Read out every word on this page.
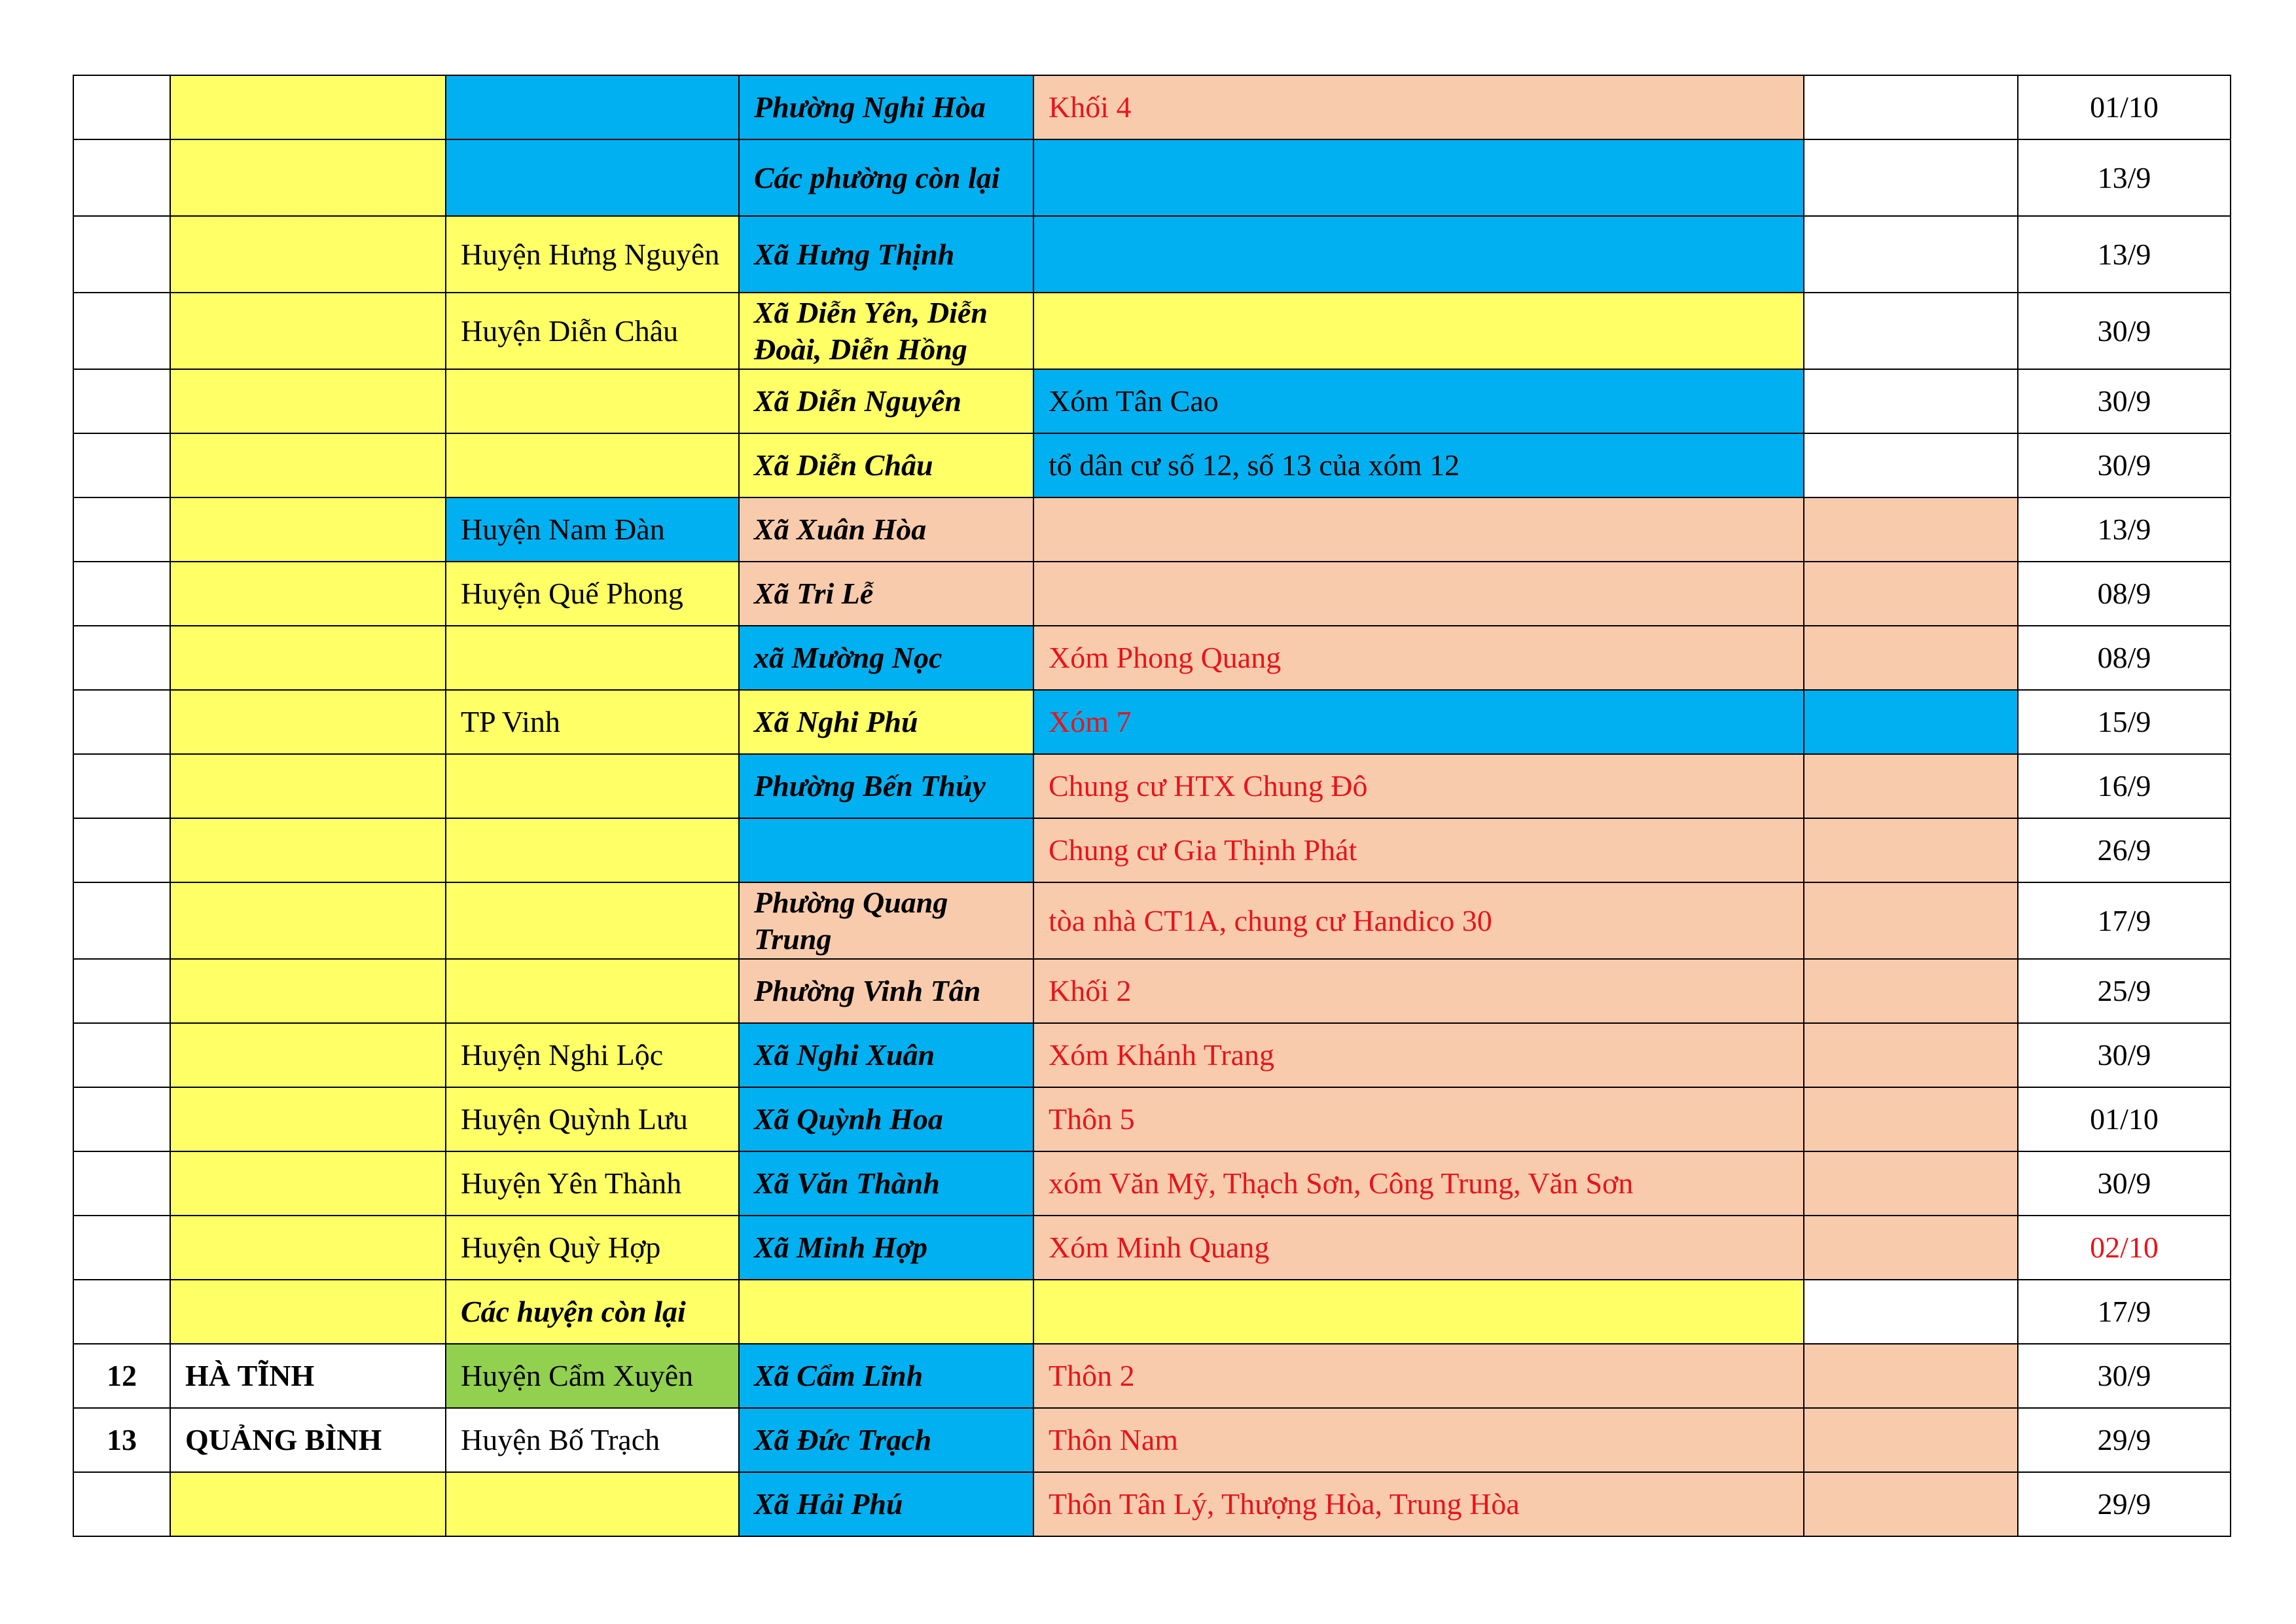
			Phường Nghi Hòa	Khối 4		01/10
			Các phường còn lại			13/9
		Huyện Hưng Nguyên	Xã Hưng Thịnh			13/9
		Huyện Diễn Châu	Xã Diễn Yên, Diễn Đoài, Diễn Hồng			30/9
			Xã Diễn Nguyên	Xóm Tân Cao		30/9
			Xã Diễn Châu	tổ dân cư số 12, số 13 của xóm 12		30/9
		Huyện Nam Đàn	Xã Xuân Hòa			13/9
		Huyện Quế Phong	Xã Tri Lễ			08/9
			xã Mường Nọc	Xóm Phong Quang		08/9
		TP Vinh	Xã Nghi Phú	Xóm 7		15/9
			Phường Bến Thủy	Chung cư HTX Chung Đô		16/9
				Chung cư Gia Thịnh Phát		26/9
			Phường Quang Trung	tòa nhà CT1A, chung cư Handico 30		17/9
			Phường Vinh Tân	Khối 2		25/9
		Huyện Nghi Lộc	Xã Nghi Xuân	Xóm Khánh Trang		30/9
		Huyện Quỳnh Lưu	Xã Quỳnh Hoa	Thôn 5		01/10
		Huyện Yên Thành	Xã Văn Thành	xóm Văn Mỹ, Thạch Sơn, Công Trung, Văn Sơn		30/9
		Huyện Quỳ Hợp	Xã Minh Hợp	Xóm Minh Quang		02/10
		Các huyện còn lại				17/9
12	HÀ TĨNH	Huyện Cẩm Xuyên	Xã Cẩm Lĩnh	Thôn 2		30/9
13	QUẢNG BÌNH	Huyện Bố Trạch	Xã Đức Trạch	Thôn Nam		29/9
			Xã Hải Phú	Thôn Tân Lý, Thượng Hòa, Trung Hòa		29/9
